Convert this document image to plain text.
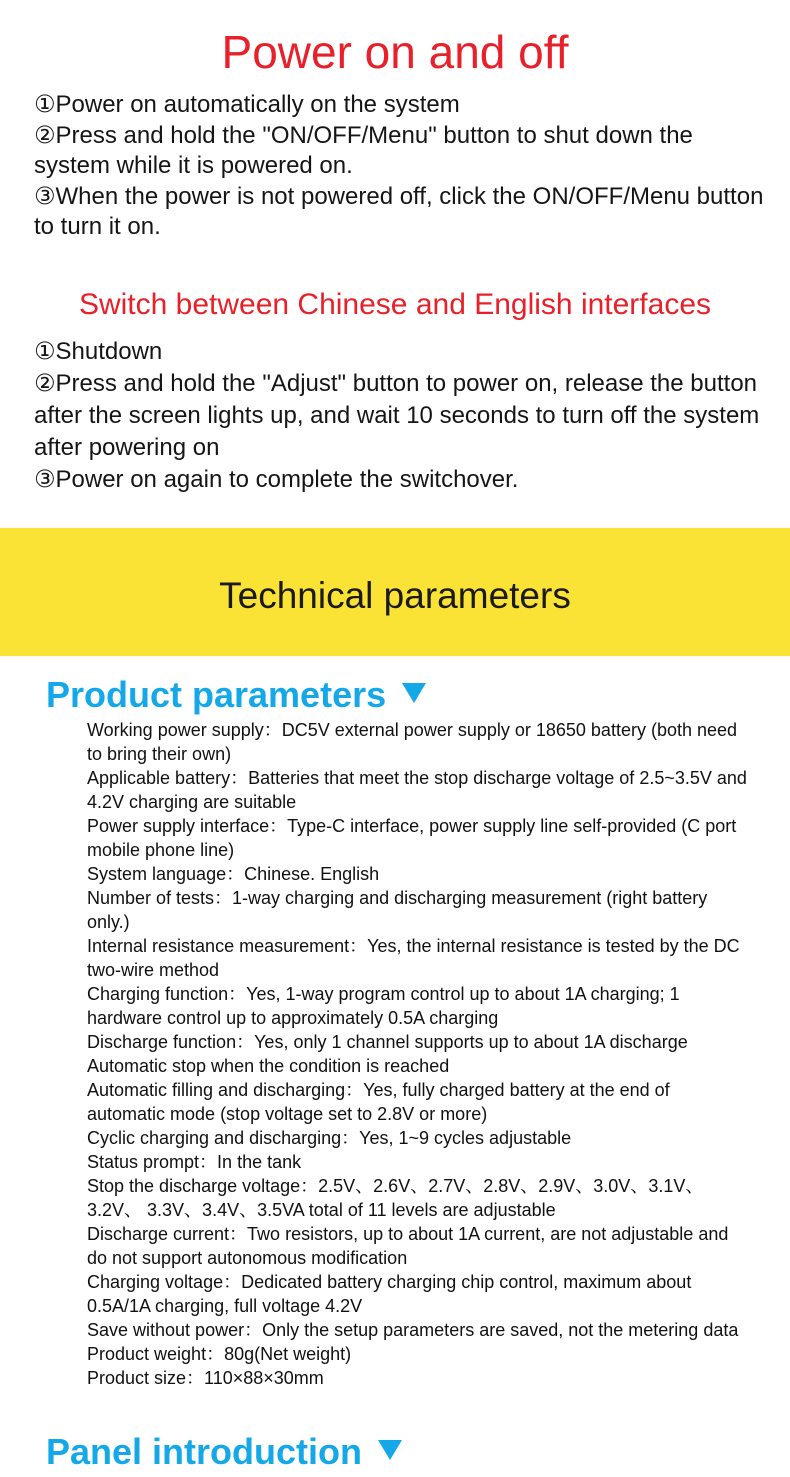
Power on and off
①Power on automatically on the system
②Press and hold the "ON/OFF/Menu" button to shut down the system while it is powered on.
③When the power is not powered off, click the ON/OFF/Menu button to turn it on.
Switch between Chinese and English interfaces
①Shutdown
②Press and hold the "Adjust" button to power on, release the button after the screen lights up, and wait 10 seconds to turn off the system after powering on
③Power on again to complete the switchover.
Technical parameters
Product parameters
Working power supply：DC5V external power supply or 18650 battery (both need to bring their own)
Applicable battery：Batteries that meet the stop discharge voltage of 2.5~3.5V and 4.2V charging are suitable
Power supply interface：Type-C interface, power supply line self-provided (C port mobile phone line)
System language：Chinese. English
Number of tests：1-way charging and discharging measurement (right battery only.)
Internal resistance measurement：Yes, the internal resistance is tested by the DC two-wire method
Charging function：Yes, 1-way program control up to about 1A charging; 1 hardware control up to approximately 0.5A charging
Discharge function：Yes, only 1 channel supports up to about 1A discharge Automatic stop when the condition is reached
Automatic filling and discharging：Yes, fully charged battery at the end of automatic mode (stop voltage set to 2.8V or more)
Cyclic charging and discharging：Yes, 1~9 cycles adjustable
Status prompt：In the tank
Stop the discharge voltage：2.5V、2.6V、2.7V、2.8V、2.9V、3.0V、3.1V、3.2V、 3.3V、3.4V、3.5VA total of 11 levels are adjustable
Discharge current：Two resistors, up to about 1A current, are not adjustable and do not support autonomous modification
Charging voltage：Dedicated battery charging chip control, maximum about 0.5A/1A charging, full voltage 4.2V
Save without power：Only the setup parameters are saved, not the metering data
Product weight：80g(Net weight)
Product size：110×88×30mm
Panel introduction
